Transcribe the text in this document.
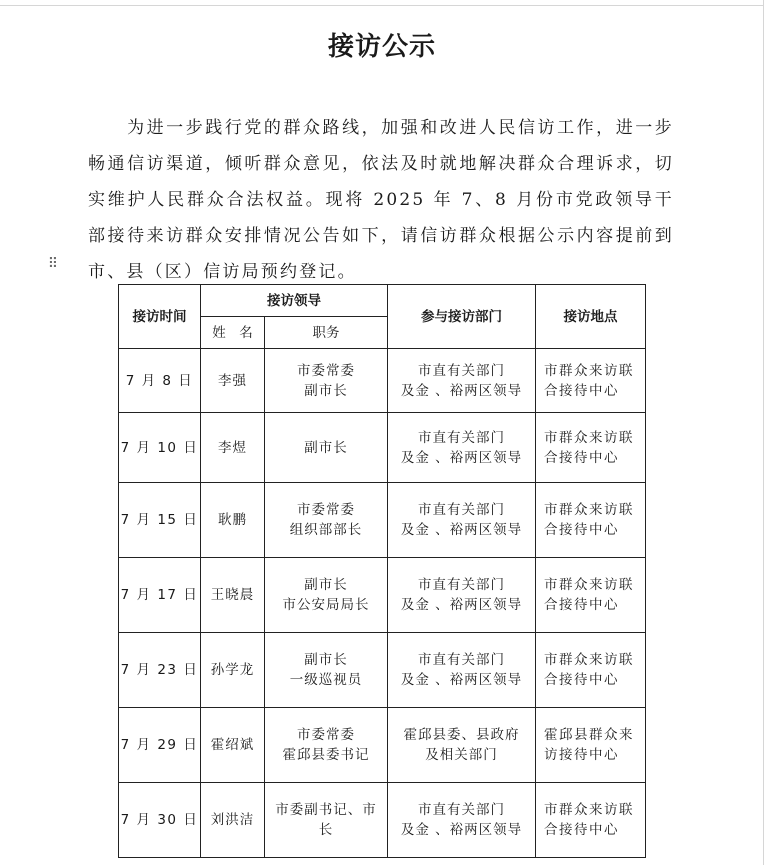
接访公示

为进一步践行党的群众路线，加强和改进人民信访工作，进一步畅通信访渠道，倾听群众意见，依法及时就地解决群众合理诉求，切实维护人民群众合法权益。现将 2025 年 7、8 月份市党政领导干部接待来访群众安排情况公告如下，请信访群众根据公示内容提前到市、县（区）信访局预约登记。

⠿
接访时间	接访领导		参与接访部门	接访地点
	姓　名	职务		

7 月 8 日	李强	市委常委
副市长	市直有关部门
及金 、裕两区领导	市群众来访联
合接待中心

7 月 10 日	李煜	副市长	市直有关部门
及金 、裕两区领导	市群众来访联
合接待中心

7 月 15 日	耿鹏	市委常委
组织部部长	市直有关部门
及金 、裕两区领导	市群众来访联
合接待中心

7 月 17 日	王晓晨	副市长
市公安局局长	市直有关部门
及金 、裕两区领导	市群众来访联
合接待中心

7 月 23 日	孙学龙	副市长
一级巡视员	市直有关部门
及金 、裕两区领导	市群众来访联
合接待中心

7 月 29 日	霍绍斌	市委常委
霍邱县委书记	霍邱县委、县政府
及相关部门	霍邱县群众来
访接待中心

7 月 30 日	刘洪洁	市委副书记、市
长	市直有关部门
及金 、裕两区领导	市群众来访联
合接待中心
